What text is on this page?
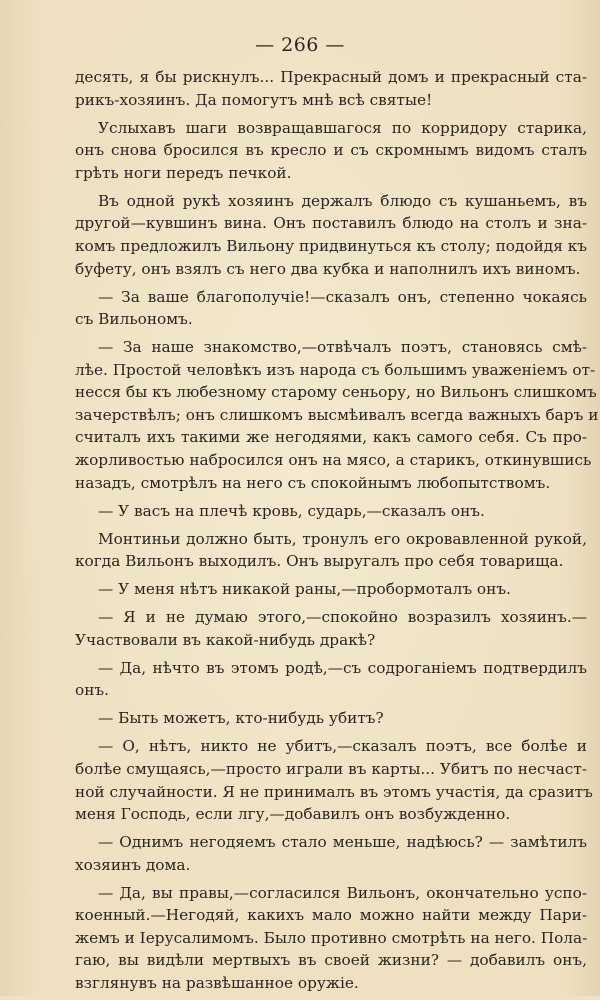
— 266 —
десять, я бы рискнулъ... Прекрасный домъ и прекрасный ста-
рикъ-хозяинъ. Да помогутъ мнѣ всѣ святые!
  Услыхавъ шаги возвращавшагося по корридору старика,
онъ снова бросился въ кресло и съ скромнымъ видомъ сталъ
грѣть ноги передъ печкой.
  Въ одной рукѣ хозяинъ держалъ блюдо съ кушаньемъ, въ
другой—кувшинъ вина. Онъ поставилъ блюдо на столъ и зна-
комъ предложилъ Вильону придвинуться къ столу; подойдя къ
буфету, онъ взялъ съ него два кубка и наполнилъ ихъ виномъ.
  — За ваше благополучіе!—сказалъ онъ, степенно чокаясь
съ Вильономъ.
  — За наше знакомство,—отвѣчалъ поэтъ, становясь смѣ-
лѣе. Простой человѣкъ изъ народа съ большимъ уваженіемъ от-
несся бы къ любезному старому сеньору, но Вильонъ слишкомъ
зачерствѣлъ; онъ слишкомъ высмѣивалъ всегда важныхъ баръ и
считалъ ихъ такими же негодяями, какъ самого себя. Съ про-
жорливостью набросился онъ на мясо, а старикъ, откинувшись
назадъ, смотрѣлъ на него съ спокойнымъ любопытствомъ.
  — У васъ на плечѣ кровь, сударь,—сказалъ онъ.
  Монтиньи должно быть, тронулъ его окровавленной рукой,
когда Вильонъ выходилъ. Онъ выругалъ про себя товарища.
  — У меня нѣтъ никакой раны,—пробормоталъ онъ.
  — Я и не думаю этого,—спокойно возразилъ хозяинъ.—
Участвовали въ какой-нибудь дракѣ?
  — Да, нѣчто въ этомъ родѣ,—съ содроганіемъ подтвердилъ
онъ.
  — Быть можетъ, кто-нибудь убитъ?
  — О, нѣтъ, никто не убитъ,—сказалъ поэтъ, все болѣе и
болѣе смущаясь,—просто играли въ карты... Убитъ по несчаст-
ной случайности. Я не принималъ въ этомъ участія, да сразитъ
меня Господь, если лгу,—добавилъ онъ возбужденно.
  — Однимъ негодяемъ стало меньше, надѣюсь? — замѣтилъ
хозяинъ дома.
  — Да, вы правы,—согласился Вильонъ, окончательно успо-
коенный.—Негодяй, какихъ мало можно найти между Пари-
жемъ и Іерусалимомъ. Было противно смотрѣть на него. Пола-
гаю, вы видѣли мертвыхъ въ своей жизни? — добавилъ онъ,
взглянувъ на развѣшанное оружіе.
